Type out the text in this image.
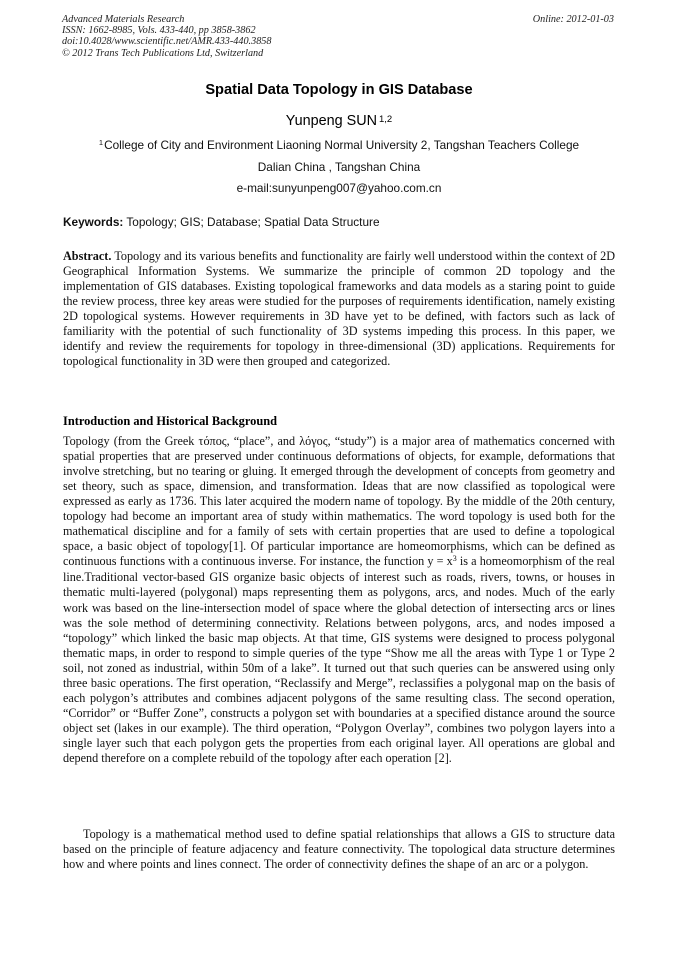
Advanced Materials Research
ISSN: 1662-8985, Vols. 433-440, pp 3858-3862
doi:10.4028/www.scientific.net/AMR.433-440.3858
© 2012 Trans Tech Publications Ltd, Switzerland
Online: 2012-01-03
Spatial Data Topology in GIS Database
Yunpeng SUN $^{1,2}$
$^1$College of City and Environment Liaoning Normal University 2, Tangshan Teachers College
Dalian China , Tangshan China
e-mail:sunyunpeng007@yahoo.com.cn
Keywords: Topology; GIS; Database; Spatial Data Structure
Abstract. Topology and its various benefits and functionality are fairly well understood within the context of 2D Geographical Information Systems. We summarize the principle of common 2D topology and the implementation of GIS databases. Existing topological frameworks and data models as a staring point to guide the review process, three key areas were studied for the purposes of requirements identification, namely existing 2D topological systems. However requirements in 3D have yet to be defined, with factors such as lack of familiarity with the potential of such functionality of 3D systems impeding this process. In this paper, we identify and review the requirements for topology in three-dimensional (3D) applications. Requirements for topological functionality in 3D were then grouped and categorized.
Introduction and Historical Background
Topology (from the Greek τόπος, “place”, and λόγος, “study”) is a major area of mathematics concerned with spatial properties that are preserved under continuous deformations of objects, for example, deformations that involve stretching, but no tearing or gluing. It emerged through the development of concepts from geometry and set theory, such as space, dimension, and transformation. Ideas that are now classified as topological were expressed as early as 1736. This later acquired the modern name of topology. By the middle of the 20th century, topology had become an important area of study within mathematics. The word topology is used both for the mathematical discipline and for a family of sets with certain properties that are used to define a topological space, a basic object of topology[1]. Of particular importance are homeomorphisms, which can be defined as continuous functions with a continuous inverse. For instance, the function $y = x^3$ is a homeomorphism of the real line.Traditional vector-based GIS organize basic objects of interest such as roads, rivers, towns, or houses in thematic multi-layered (polygonal) maps representing them as polygons, arcs, and nodes. Much of the early work was based on the line-intersection model of space where the global detection of intersecting arcs or lines was the sole method of determining connectivity. Relations between polygons, arcs, and nodes imposed a “topology” which linked the basic map objects. At that time, GIS systems were designed to process polygonal thematic maps, in order to respond to simple queries of the type “Show me all the areas with Type 1 or Type 2 soil, not zoned as industrial, within 50m of a lake”. It turned out that such queries can be answered using only three basic operations. The first operation, “Reclassify and Merge”, reclassifies a polygonal map on the basis of each polygon’s attributes and combines adjacent polygons of the same resulting class. The second operation, “Corridor” or “Buffer Zone”, constructs a polygon set with boundaries at a specified distance around the source object set (lakes in our example). The third operation, “Polygon Overlay”, combines two polygon layers into a single layer such that each polygon gets the properties from each original layer. All operations are global and depend therefore on a complete rebuild of the topology after each operation [2].
Topology is a mathematical method used to define spatial relationships that allows a GIS to structure data based on the principle of feature adjacency and feature connectivity. The topological data structure determines how and where points and lines connect. The order of connectivity defines the shape of an arc or a polygon.
